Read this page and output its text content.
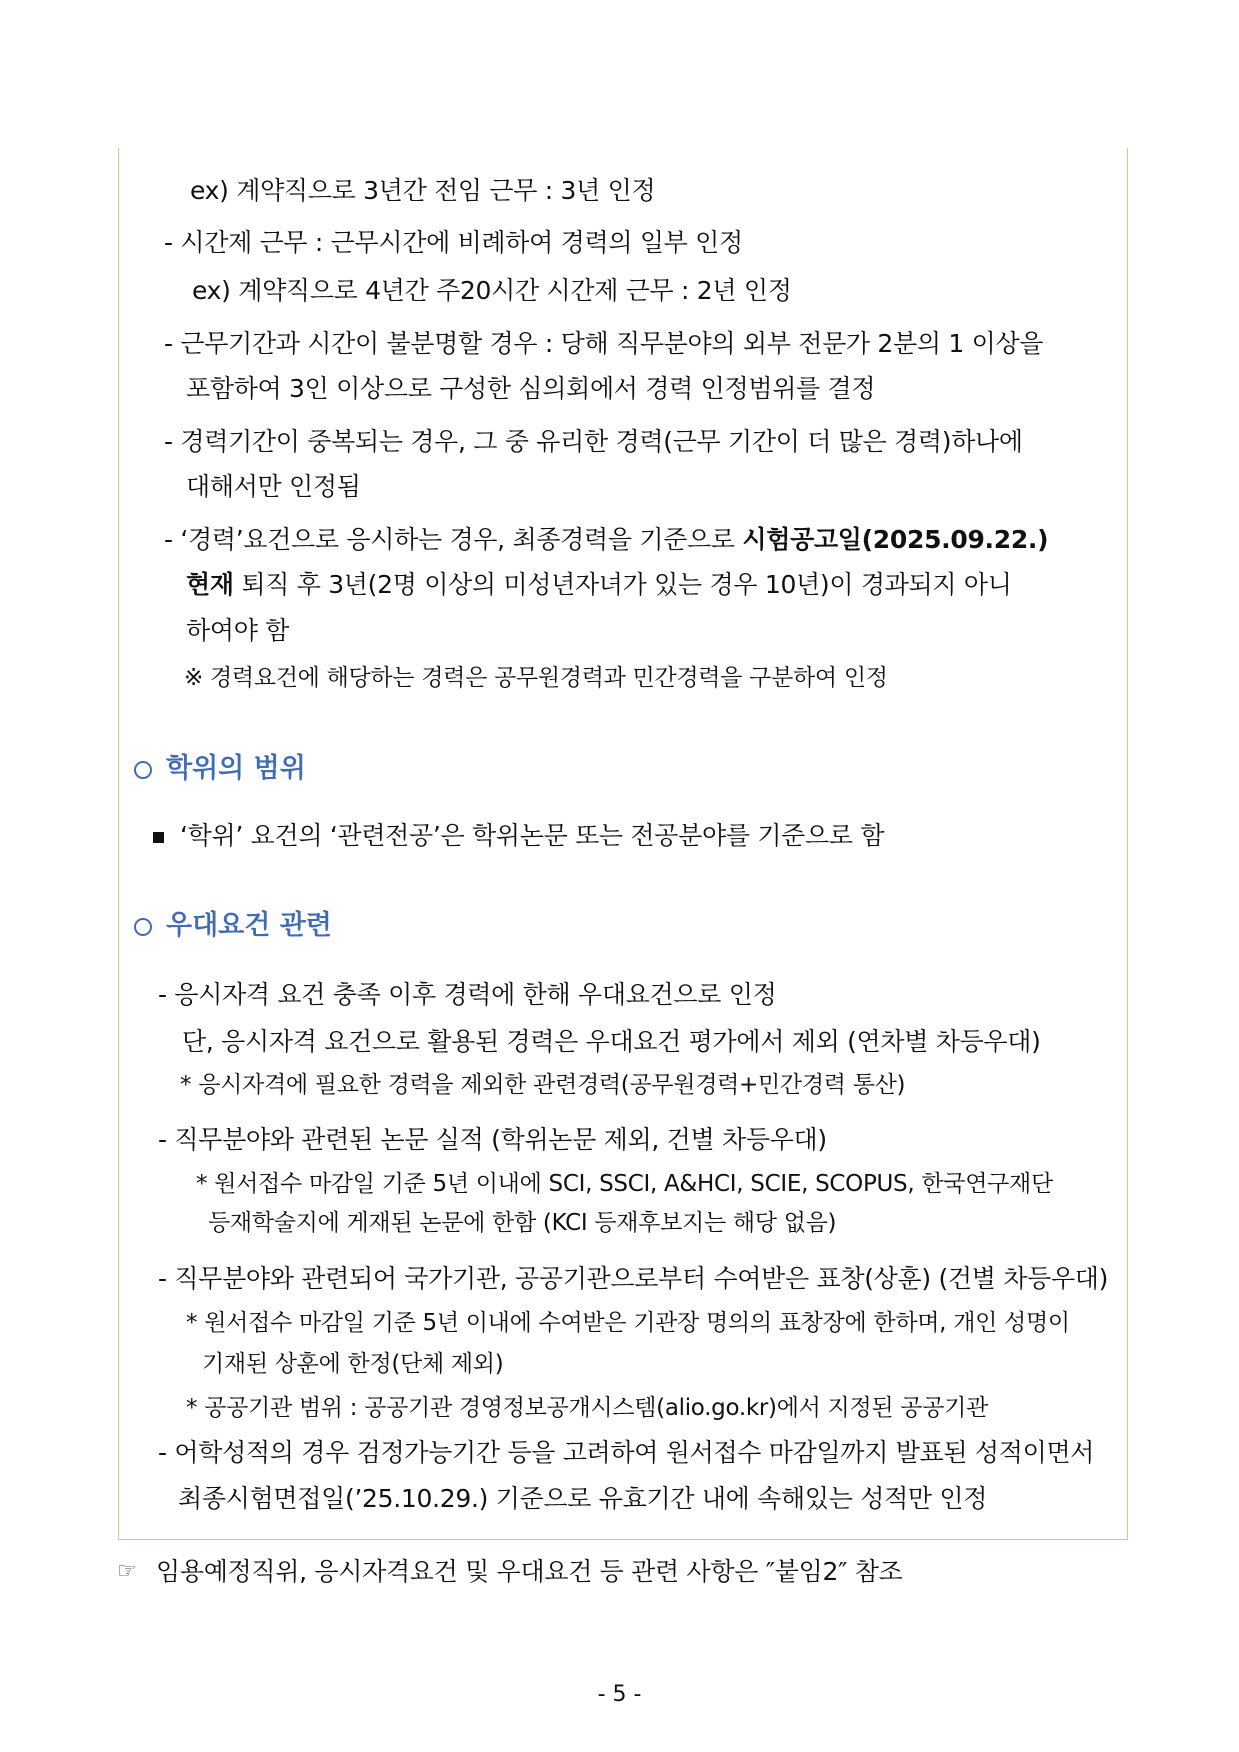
ex) 계약직으로 3년간 전임 근무 : 3년 인정
- 시간제 근무 : 근무시간에 비례하여 경력의 일부 인정
ex) 계약직으로 4년간 주20시간 시간제 근무 : 2년 인정
- 근무기간과 시간이 불분명할 경우 : 당해 직무분야의 외부 전문가 2분의 1 이상을
포함하여 3인 이상으로 구성한 심의회에서 경력 인정범위를 결정
- 경력기간이 중복되는 경우, 그 중 유리한 경력(근무 기간이 더 많은 경력)하나에
대해서만 인정됨
- ‘경력’요건으로 응시하는 경우, 최종경력을 기준으로 시험공고일(2025.09.22.)
현재 퇴직 후 3년(2명 이상의 미성년자녀가 있는 경우 10년)이 경과되지 아니
하여야 함
※ 경력요건에 해당하는 경력은 공무원경력과 민간경력을 구분하여 인정
학위의 범위
‘학위’ 요건의 ‘관련전공’은 학위논문 또는 전공분야를 기준으로 함
우대요건 관련
- 응시자격 요건 충족 이후 경력에 한해 우대요건으로 인정
단, 응시자격 요건으로 활용된 경력은 우대요건 평가에서 제외 (연차별 차등우대)
* 응시자격에 필요한 경력을 제외한 관련경력(공무원경력+민간경력 통산)
- 직무분야와 관련된 논문 실적 (학위논문 제외, 건별 차등우대)
* 원서접수 마감일 기준 5년 이내에 SCI, SSCI, A&HCI, SCIE, SCOPUS, 한국연구재단
등재학술지에 게재된 논문에 한함 (KCI 등재후보지는 해당 없음)
- 직무분야와 관련되어 국가기관, 공공기관으로부터 수여받은 표창(상훈) (건별 차등우대)
* 원서접수 마감일 기준 5년 이내에 수여받은 기관장 명의의 표창장에 한하며, 개인 성명이
기재된 상훈에 한정(단체 제외)
* 공공기관 범위 : 공공기관 경영정보공개시스템(alio.go.kr)에서 지정된 공공기관
- 어학성적의 경우 검정가능기간 등을 고려하여 원서접수 마감일까지 발표된 성적이면서
최종시험면접일(’25.10.29.) 기준으로 유효기간 내에 속해있는 성적만 인정
☞ 임용예정직위, 응시자격요건 및 우대요건 등 관련 사항은 ″붙임2″ 참조
- 5 -
